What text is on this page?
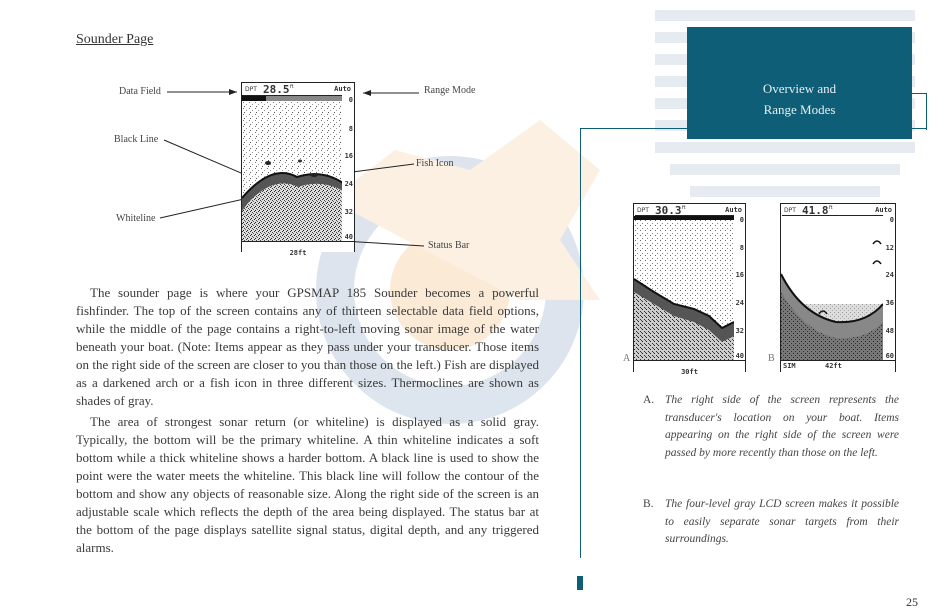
Sounder Page
Overview and
Range Modes
Data Field	Range Mode
Black Line
Fish Icon
Whiteline
Status Bar
DPT 28.5 ft	Auto
0
8
16
24
32
40
28ft
The sounder page is where your GPSMAP 185 Sounder becomes a powerful fishfinder. The top of the screen contains any of thirteen selectable data field options, while the middle of the page contains a right-to-left moving sonar image of the water beneath your boat. (Note: Items appear as they pass under your transducer. Those items on the right side of the screen are closer to you than those on the left.) Fish are displayed as a darkened arch or a fish icon in three different sizes. Thermoclines are shown as shades of gray.
The area of strongest sonar return (or whiteline) is displayed as a solid gray. Typically, the bottom will be the primary whiteline. A thin whiteline indicates a soft bottom while a thick whiteline shows a harder bottom. A black line is used to show the point were the water meets the whiteline. This black line will follow the contour of the bottom and show any objects of reasonable size. Along the right side of the screen is an adjustable scale which reflects the depth of the area being displayed. The status bar at the bottom of the page displays satellite signal status, digital depth, and any triggered alarms.
A
DPT 30.3 ft	Auto
0
8
16
24
32
40
30ft
B
DPT 41.8 ft	Auto
0
12
24
36
48
60
SIM	42ft
A. The right side of the screen represents the transducer's location on your boat. Items appearing on the right side of the screen were passed by more recently than those on the left.
B. The four-level gray LCD screen makes it possible to easily separate sonar targets from their surroundings.
25
